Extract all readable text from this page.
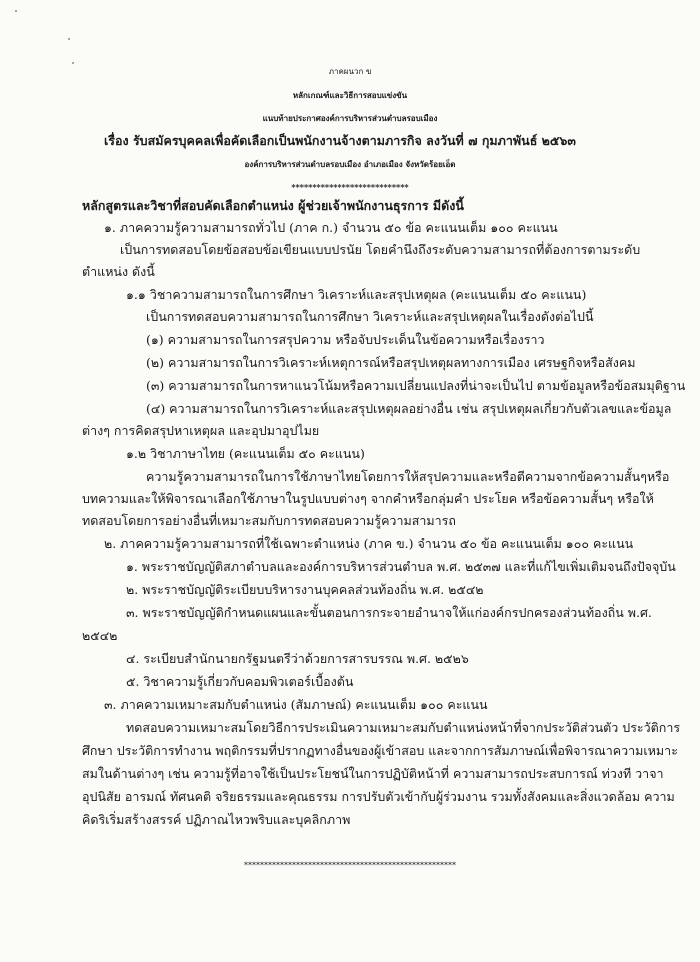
ภาคผนวก ข
หลักเกณฑ์และวิธีการสอบแข่งขัน
แนบท้ายประกาศองค์การบริหารส่วนตำบลรอบเมือง
เรื่อง รับสมัครบุคคลเพื่อคัดเลือกเป็นพนักงานจ้างตามภารกิจ ลงวันที่ ๗ กุมภาพันธ์ ๒๕๖๓
องค์การบริหารส่วนตำบลรอบเมือง อำเภอเมือง จังหวัดร้อยเอ็ด
****************************
หลักสูตรและวิชาที่สอบคัดเลือกตำแหน่ง ผู้ช่วยเจ้าพนักงานธุรการ มีดังนี้
๑. ภาคความรู้ความสามารถทั่วไป (ภาค ก.) จำนวน ๕๐ ข้อ คะแนนเต็ม ๑๐๐ คะแนน
เป็นการทดสอบโดยข้อสอบข้อเขียนแบบปรนัย โดยคำนึงถึงระดับความสามารถที่ต้องการตามระดับ
ตำแหน่ง ดังนี้
๑.๑ วิชาความสามารถในการศึกษา วิเคราะห์และสรุปเหตุผล (คะแนนเต็ม ๕๐ คะแนน)
เป็นการทดสอบความสามารถในการศึกษา วิเคราะห์และสรุปเหตุผลในเรื่องดังต่อไปนี้
(๑) ความสามารถในการสรุปความ หรือจับประเด็นในข้อความหรือเรื่องราว
(๒) ความสามารถในการวิเคราะห์เหตุการณ์หรือสรุปเหตุผลทางการเมือง เศรษฐกิจหรือสังคม
(๓) ความสามารถในการหาแนวโน้มหรือความเปลี่ยนแปลงที่น่าจะเป็นไป ตามข้อมูลหรือข้อสมมุติฐาน
(๔) ความสามารถในการวิเคราะห์และสรุปเหตุผลอย่างอื่น เช่น สรุปเหตุผลเกี่ยวกับตัวเลขและข้อมูล
ต่างๆ การคิดสรุปหาเหตุผล และอุปมาอุปไมย
๑.๒ วิชาภาษาไทย (คะแนนเต็ม ๕๐ คะแนน)
ความรู้ความสามารถในการใช้ภาษาไทยโดยการให้สรุปความและหรือตีความจากข้อความสั้นๆหรือ
บทความและให้พิจารณาเลือกใช้ภาษาในรูปแบบต่างๆ จากคำหรือกลุ่มคำ ประโยค หรือข้อความสั้นๆ หรือให้
ทดสอบโดยการอย่างอื่นที่เหมาะสมกับการทดสอบความรู้ความสามารถ
๒. ภาคความรู้ความสามารถที่ใช้เฉพาะตำแหน่ง (ภาค ข.) จำนวน ๕๐ ข้อ คะแนนเต็ม ๑๐๐ คะแนน
๑. พระราชบัญญัติสภาตำบลและองค์การบริหารส่วนตำบล พ.ศ. ๒๕๓๗ และที่แก้ไขเพิ่มเติมจนถึงปัจจุบัน
๒. พระราชบัญญัติระเบียบบริหารงานบุคคลส่วนท้องถิ่น พ.ศ. ๒๕๔๒
๓. พระราชบัญญัติกำหนดแผนและขั้นตอนการกระจายอำนาจให้แก่องค์กรปกครองส่วนท้องถิ่น พ.ศ.
๒๕๔๒
๔. ระเบียบสำนักนายกรัฐมนตรีว่าด้วยการสารบรรณ พ.ศ. ๒๕๒๖
๕. วิชาความรู้เกี่ยวกับคอมพิวเตอร์เบื้องต้น
๓. ภาคความเหมาะสมกับตำแหน่ง (สัมภาษณ์) คะแนนเต็ม ๑๐๐ คะแนน
ทดสอบความเหมาะสมโดยวิธีการประเมินความเหมาะสมกับตำแหน่งหน้าที่จากประวัติส่วนตัว ประวัติการ
ศึกษา ประวัติการทำงาน พฤติกรรมที่ปรากฏทางอื่นของผู้เข้าสอบ และจากการสัมภาษณ์เพื่อพิจารณาความเหมาะ
สมในด้านต่างๆ เช่น ความรู้ที่อาจใช้เป็นประโยชน์ในการปฏิบัติหน้าที่ ความสามารถประสบการณ์ ท่วงที วาจา
อุปนิสัย อารมณ์ ทัศนคติ จริยธรรมและคุณธรรม การปรับตัวเข้ากับผู้ร่วมงาน รวมทั้งสังคมและสิ่งแวดล้อม ความ
คิดริเริ่มสร้างสรรค์ ปฏิภาณไหวพริบและบุคลิกภาพ
*****************************************************
